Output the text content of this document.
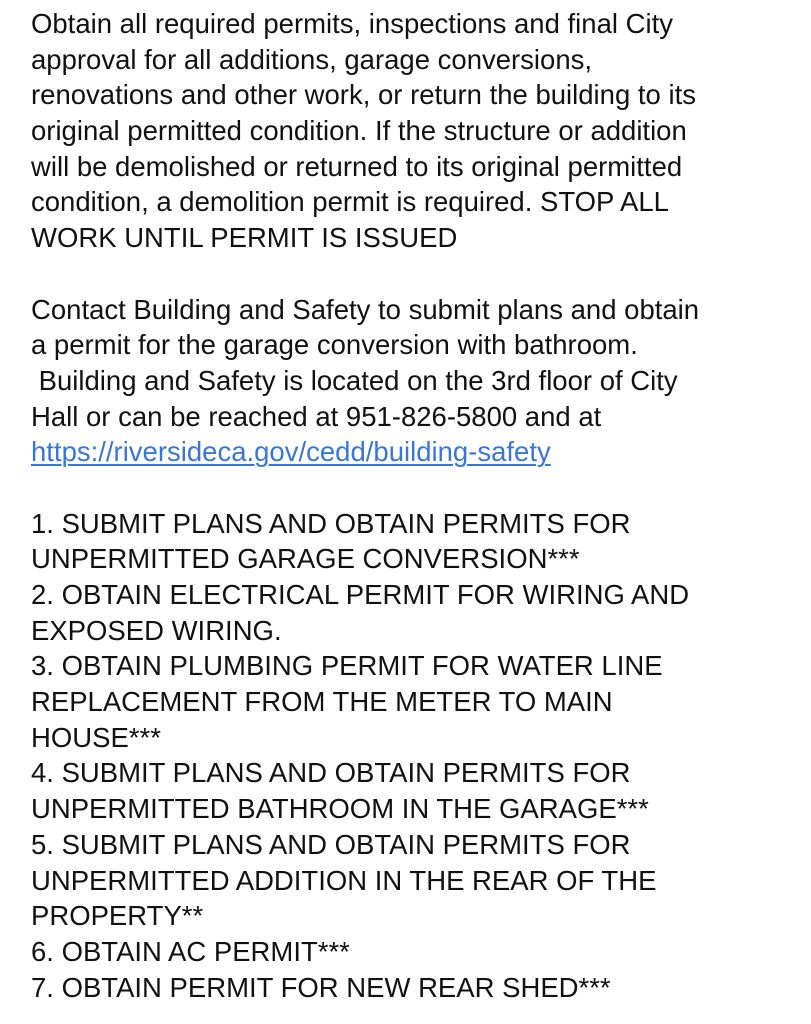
Obtain all required permits, inspections and final City
approval for all additions, garage conversions,
renovations and other work, or return the building to its
original permitted condition. If the structure or addition
will be demolished or returned to its original permitted
condition, a demolition permit is required. STOP ALL
WORK UNTIL PERMIT IS ISSUED
Contact Building and Safety to submit plans and obtain
a permit for the garage conversion with bathroom.
Building and Safety is located on the 3rd floor of City
Hall or can be reached at 951-826-5800 and at
https://riversideca.gov/cedd/building-safety
1. SUBMIT PLANS AND OBTAIN PERMITS FOR
UNPERMITTED GARAGE CONVERSION***
2. OBTAIN ELECTRICAL PERMIT FOR WIRING AND
EXPOSED WIRING.
3. OBTAIN PLUMBING PERMIT FOR WATER LINE
REPLACEMENT FROM THE METER TO MAIN
HOUSE***
4. SUBMIT PLANS AND OBTAIN PERMITS FOR
UNPERMITTED BATHROOM IN THE GARAGE***
5. SUBMIT PLANS AND OBTAIN PERMITS FOR
UNPERMITTED ADDITION IN THE REAR OF THE
PROPERTY**
6. OBTAIN AC PERMIT***
7. OBTAIN PERMIT FOR NEW REAR SHED***
